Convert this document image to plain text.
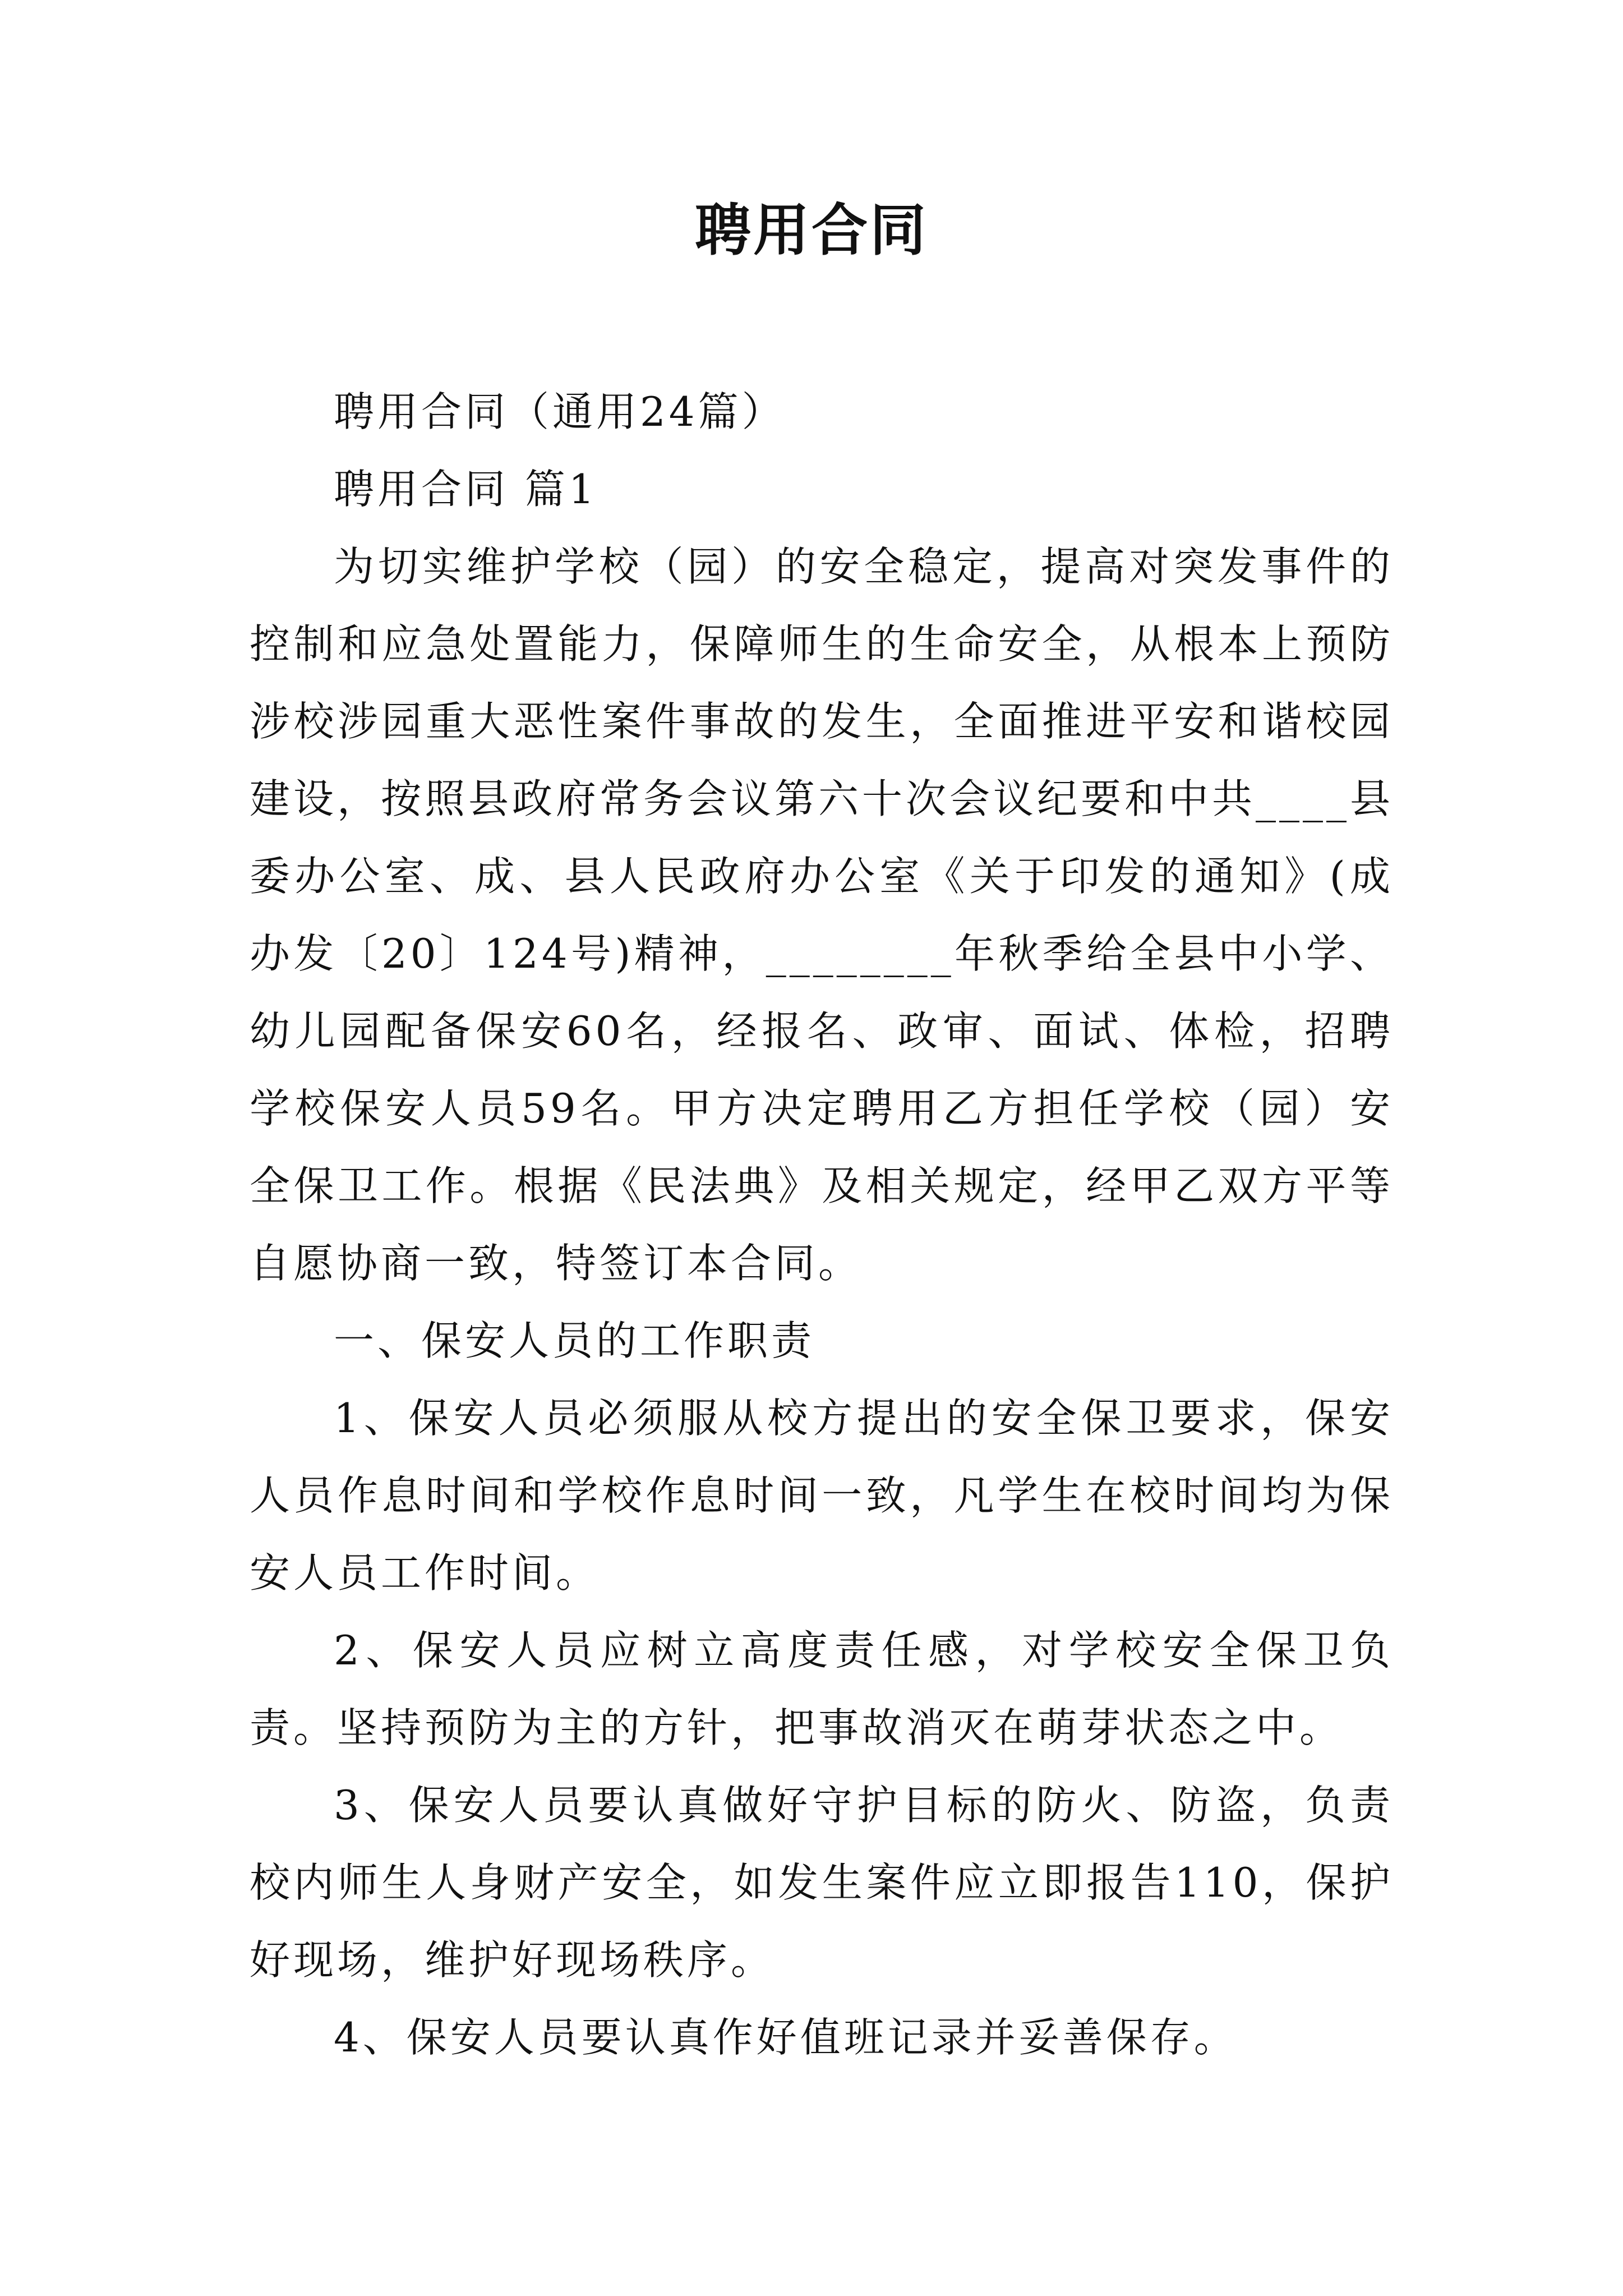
聘用合同

聘用合同（通用24篇）

聘用合同 篇1

为切实维护学校（园）的安全稳定，提高对突发事件的控制和应急处置能力，保障师生的生命安全，从根本上预防涉校涉园重大恶性案件事故的发生，全面推进平安和谐校园建设，按照县政府常务会议第六十次会议纪要和中共____县委办公室、成、县人民政府办公室《关于印发的通知》(成办发〔20〕124号)精神，________年秋季给全县中小学、幼儿园配备保安60名，经报名、政审、面试、体检，招聘学校保安人员59名。甲方决定聘用乙方担任学校（园）安全保卫工作。根据《民法典》及相关规定，经甲乙双方平等自愿协商一致，特签订本合同。

一、保安人员的工作职责

1、保安人员必须服从校方提出的安全保卫要求，保安人员作息时间和学校作息时间一致，凡学生在校时间均为保安人员工作时间。

2、保安人员应树立高度责任感，对学校安全保卫负责。坚持预防为主的方针，把事故消灭在萌芽状态之中。

3、保安人员要认真做好守护目标的防火、防盗，负责校内师生人身财产安全，如发生案件应立即报告110，保护好现场，维护好现场秩序。

4、保安人员要认真作好值班记录并妥善保存。
